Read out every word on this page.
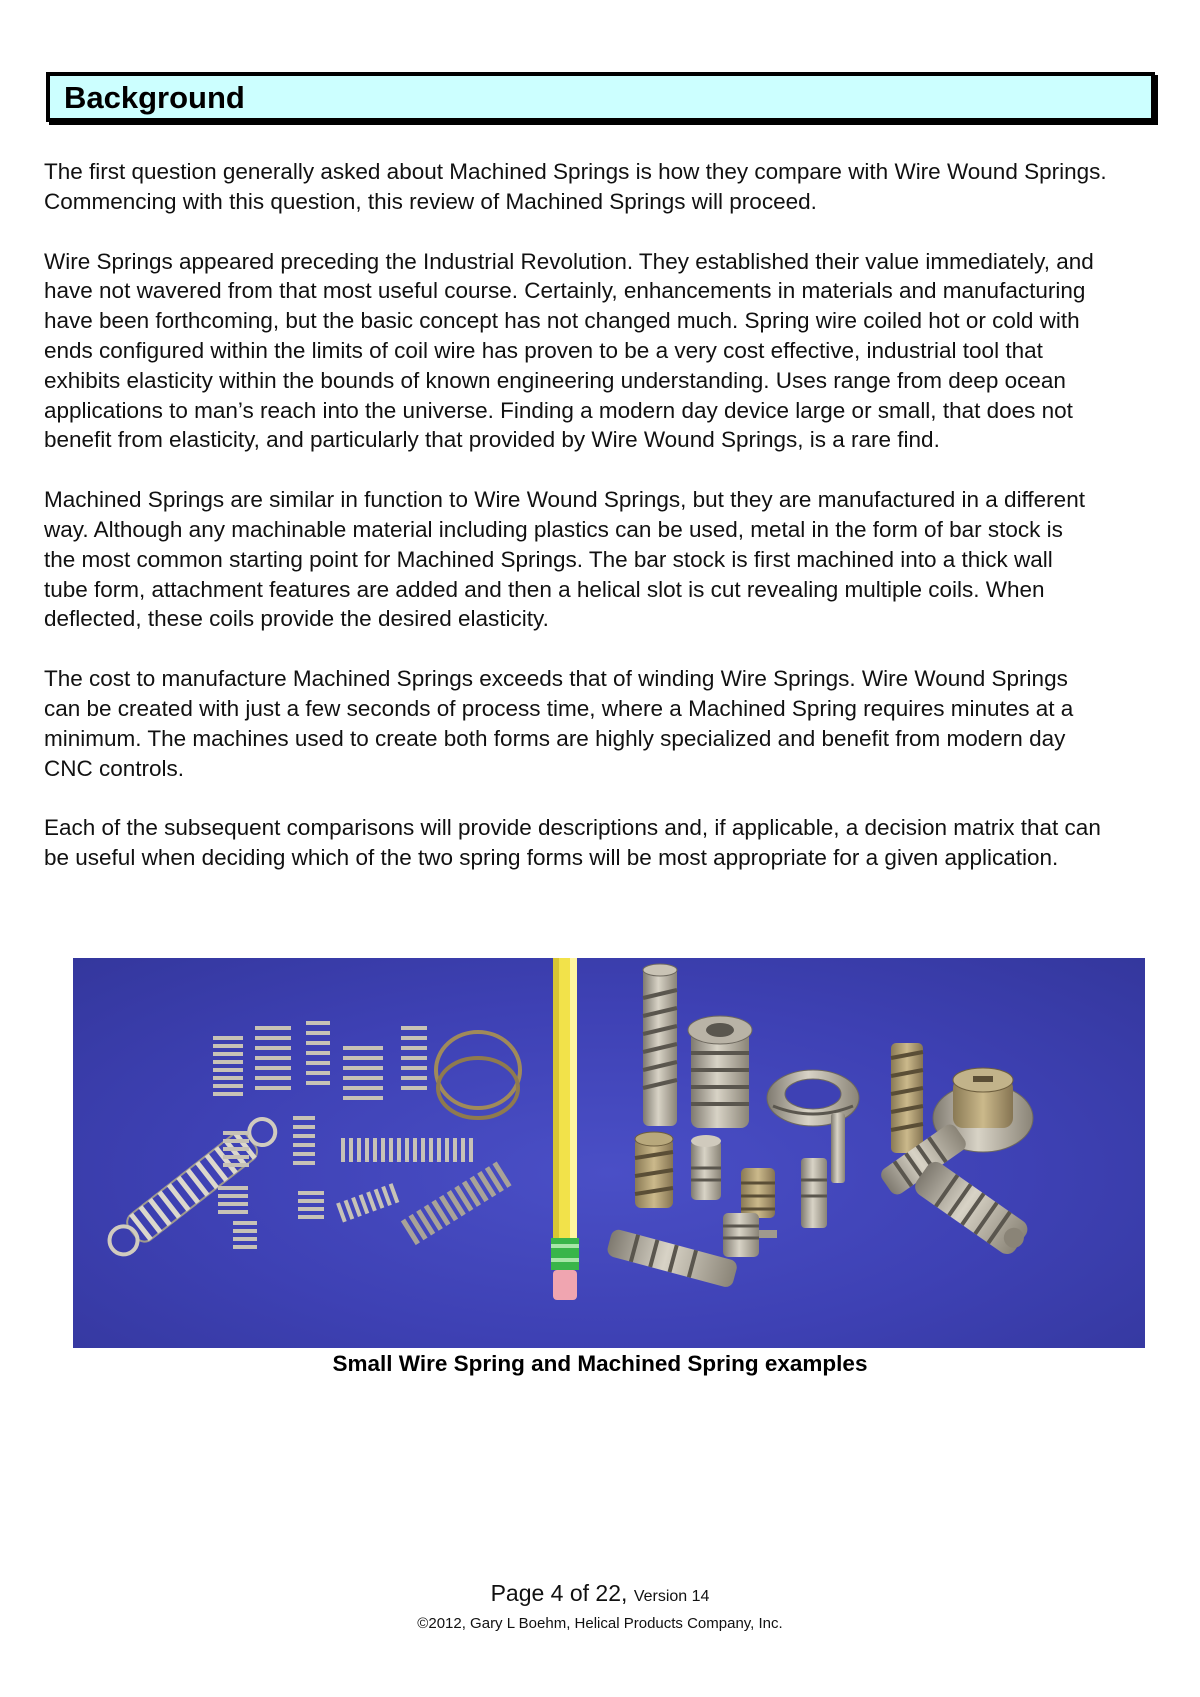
Background

The first question generally asked about Machined Springs is how they compare with Wire Wound Springs.
Commencing with this question, this review of Machined Springs will proceed.

Wire Springs appeared preceding the Industrial Revolution. They established their value immediately, and
have not wavered from that most useful course. Certainly, enhancements in materials and manufacturing
have been forthcoming, but the basic concept has not changed much. Spring wire coiled hot or cold with
ends configured within the limits of coil wire has proven to be a very cost effective, industrial tool that
exhibits elasticity within the bounds of known engineering understanding. Uses range from deep ocean
applications to man’s reach into the universe. Finding a modern day device large or small, that does not
benefit from elasticity, and particularly that provided by Wire Wound Springs, is a rare find.

Machined Springs are similar in function to Wire Wound Springs, but they are manufactured in a different
way. Although any machinable material including plastics can be used, metal in the form of bar stock is
the most common starting point for Machined Springs. The bar stock is first machined into a thick wall
tube form, attachment features are added and then a helical slot is cut revealing multiple coils. When
deflected, these coils provide the desired elasticity.

The cost to manufacture Machined Springs exceeds that of winding Wire Springs. Wire Wound Springs
can be created with just a few seconds of process time, where a Machined Spring requires minutes at a
minimum. The machines used to create both forms are highly specialized and benefit from modern day
CNC controls.

Each of the subsequent comparisons will provide descriptions and, if applicable, a decision matrix that can
be useful when deciding which of the two spring forms will be most appropriate for a given application.

Small Wire Spring and Machined Spring examples
Page 4 of 22, Version 14
©2012, Gary L Boehm, Helical Products Company, Inc.
